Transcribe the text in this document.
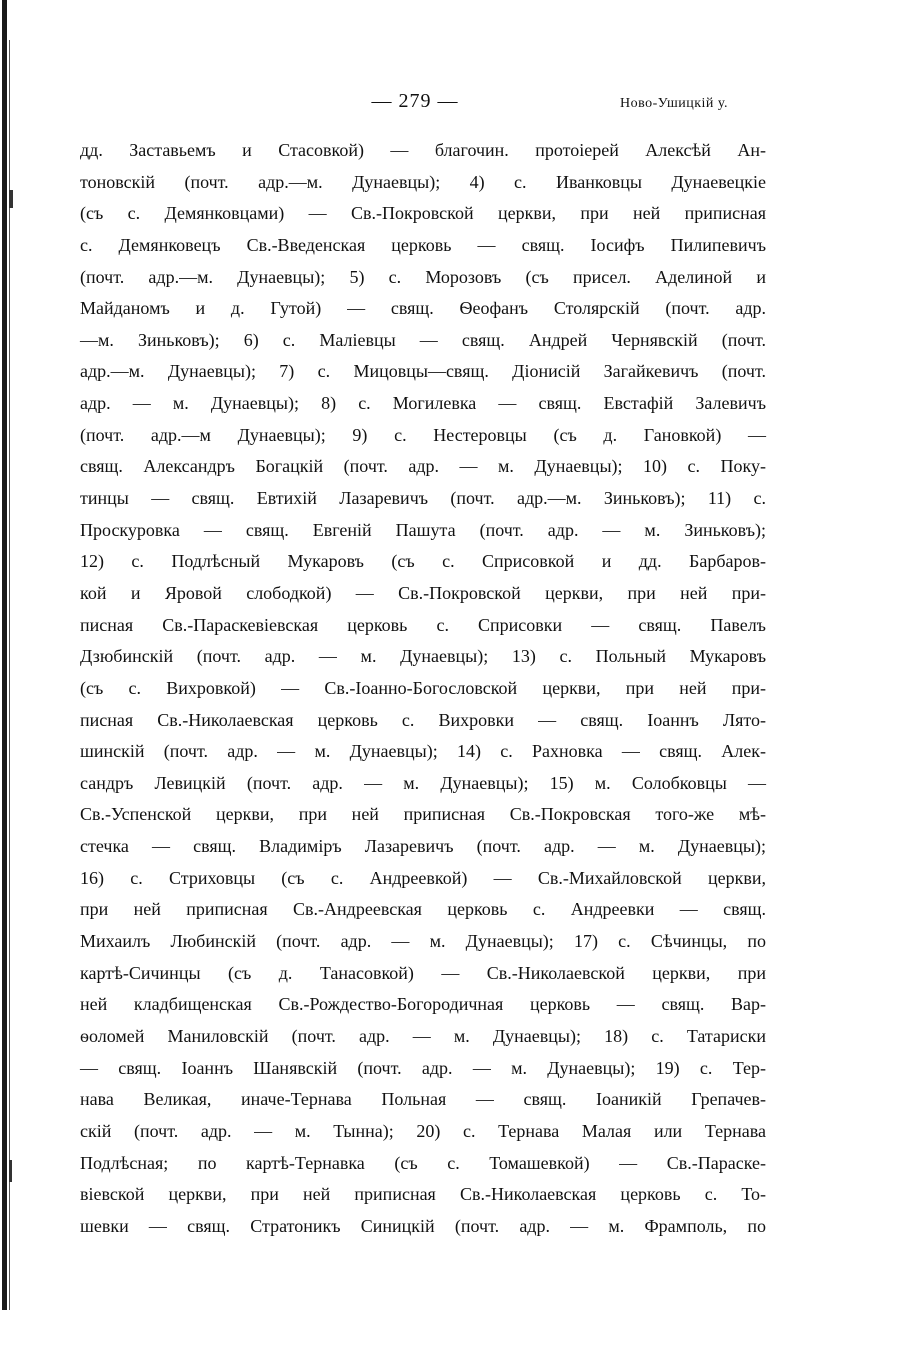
— 279 —	Ново-Ушицкій у.
дд. Заставьемъ и Стасовкой) — благочин. протоіерей Алексѣй Ан-
тоновскій (почт. адр.—м. Дунаевцы); 4) с. Иванковцы Дунаевецкіе
(съ с. Демянковцами) — Св.-Покровской церкви, при ней приписная
с. Демянковецъ Св.-Введенская церковь — свящ. Іосифъ Пилипевичъ
(почт. адр.—м. Дунаевцы); 5) с. Морозовъ (съ присел. Аделиной и
Майданомъ и д. Гутой) — свящ. Ѳеофанъ Столярскій (почт. адр.
—м. Зиньковъ); 6) с. Маліевцы — свящ. Андрей Чернявскій (почт.
адр.—м. Дунаевцы); 7) с. Мицовцы—свящ. Діонисій Загайкевичъ (почт.
адр. — м. Дунаевцы); 8) с. Могилевка — свящ. Евстафій Залевичъ
(почт. адр.—м Дунаевцы); 9) с. Нестеровцы (съ д. Гановкой) —
свящ. Александръ Богацкій (почт. адр. — м. Дунаевцы); 10) с. Поку-
тинцы — свящ. Евтихій Лазаревичъ (почт. адр.—м. Зиньковъ); 11) с.
Проскуровка — свящ. Евгеній Пашута (почт. адр. — м. Зиньковъ);
12) с. Подлѣсный Мукаровъ (съ с. Сприсовкой и дд. Барбаров-
кой и Яровой слободкой) — Св.-Покровской церкви, при ней при-
писная Св.-Параскевіевская церковь с. Сприсовки — свящ. Павелъ
Дзюбинскій (почт. адр. — м. Дунаевцы); 13) с. Польный Мукаровъ
(съ с. Вихровкой) — Св.-Іоанно-Богословской церкви, при ней при-
писная Св.-Николаевская церковь с. Вихровки — свящ. Іоаннъ Лято-
шинскій (почт. адр. — м. Дунаевцы); 14) с. Рахновка — свящ. Алек-
сандръ Левицкій (почт. адр. — м. Дунаевцы); 15) м. Солобковцы —
Св.-Успенской церкви, при ней приписная Св.-Покровская того-же мѣ-
стечка — свящ. Владиміръ Лазаревичъ (почт. адр. — м. Дунаевцы);
16) с. Стриховцы (съ с. Андреевкой) — Св.-Михайловской церкви,
при ней приписная Св.-Андреевская церковь с. Андреевки — свящ.
Михаилъ Любинскій (почт. адр. — м. Дунаевцы); 17) с. Сѣчинцы, по
картѣ-Сичинцы (съ д. Танасовкой) — Св.-Николаевской церкви, при
ней кладбищенская Св.-Рождество-Богородичная церковь — свящ. Вар-
ѳоломей Маниловскій (почт. адр. — м. Дунаевцы); 18) с. Татариски
— свящ. Іоаннъ Шанявскій (почт. адр. — м. Дунаевцы); 19) с. Тер-
нава Великая, иначе-Тернава Польная — свящ. Іоаникій Грепачев-
скій (почт. адр. — м. Тынна); 20) с. Тернава Малая или Тернава
Подлѣсная; по картѣ-Тернавка (съ с. Томашевкой) — Св.-Параске-
віевской церкви, при ней приписная Св.-Николаевская церковь с. То-
шевки — свящ. Стратоникъ Синицкій (почт. адр. — м. Фрамполь, по
